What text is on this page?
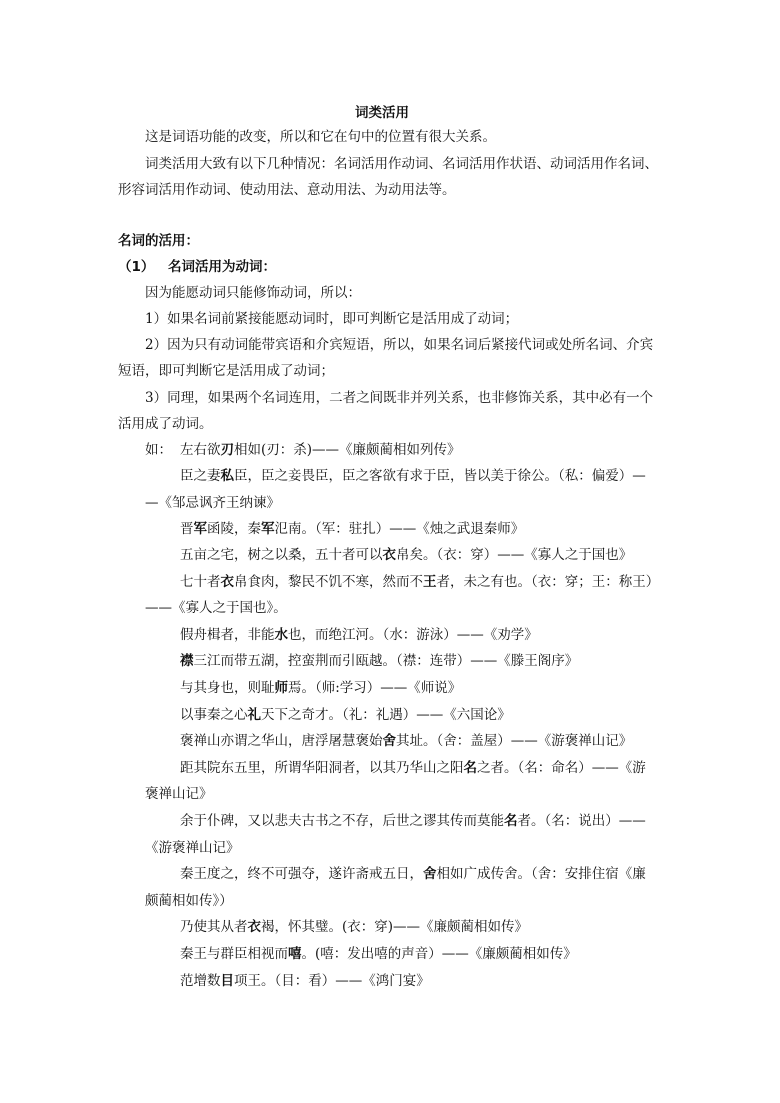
词类活用
这是词语功能的改变，所以和它在句中的位置有很大关系。
词类活用大致有以下几种情况：名词活用作动词、名词活用作状语、动词活用作名词、
形容词活用作动词、使动用法、意动用法、为动用法等。
名词的活用：
（1） 名词活用为动词：
因为能愿动词只能修饰动词，所以：
1）如果名词前紧接能愿动词时，即可判断它是活用成了动词；
2）因为只有动词能带宾语和介宾短语，所以，如果名词后紧接代词或处所名词、介宾
短语，即可判断它是活用成了动词；
3）同理，如果两个名词连用，二者之间既非并列关系，也非修饰关系，其中必有一个
活用成了动词。
如： 左右欲刃相如(刃：杀)——《廉颇蔺相如列传》
臣之妻私臣，臣之妾畏臣，臣之客欲有求于臣，皆以美于徐公。（私：偏爱）—
—《邹忌讽齐王纳谏》
晋军函陵，秦军氾南。（军：驻扎）——《烛之武退秦师》
五亩之宅，树之以桑，五十者可以衣帛矣。（衣：穿）——《寡人之于国也》
七十者衣帛食肉，黎民不饥不寒，然而不王者，未之有也。（衣：穿；王：称王）
——《寡人之于国也》。
假舟楫者，非能水也，而绝江河。（水：游泳）——《劝学》
襟三江而带五湖，控蛮荆而引瓯越。（襟：连带）——《滕王阁序》
与其身也，则耻师焉。（师:学习）——《师说》
以事秦之心礼天下之奇才。（礼：礼遇）——《六国论》
褒禅山亦谓之华山，唐浮屠慧褒始舍其址。（舍：盖屋）——《游褒禅山记》
距其院东五里，所谓华阳洞者，以其乃华山之阳名之者。（名：命名）——《游
褒禅山记》
余于仆碑，又以悲夫古书之不存，后世之谬其传而莫能名者。（名：说出）——
《游褒禅山记》
秦王度之，终不可强夺，遂许斋戒五日，舍相如广成传舍。（舍：安排住宿《廉
颇蔺相如传》）
乃使其从者衣褐，怀其璧。(衣：穿)——《廉颇蔺相如传》
秦王与群臣相视而嘻。(嘻：发出嘻的声音）——《廉颇蔺相如传》
范增数目项王。（目：看）——《鸿门宴》
